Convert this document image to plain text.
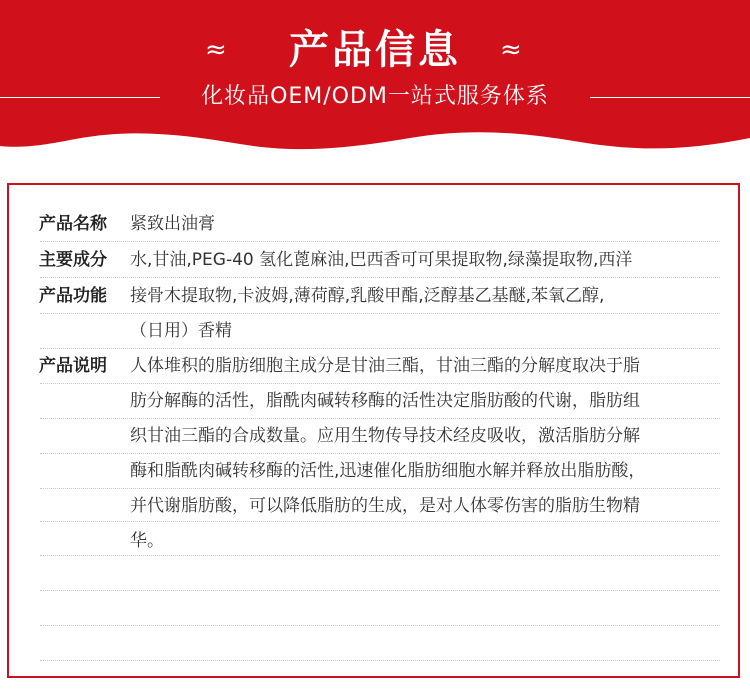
≈	产品信息	≈
化妆品OEM/ODM一站式服务体系
产品名称 紧致出油膏
主要成分 水,甘油,PEG-40 氢化蓖麻油,巴西香可可果提取物,绿藻提取物,西洋
产品功能 接骨木提取物,卡波姆,薄荷醇,乳酸甲酯,泛醇基乙基醚,苯氧乙醇,
（日用）香精
产品说明 人体堆积的脂肪细胞主成分是甘油三酯，甘油三酯的分解度取决于脂
肪分解酶的活性，脂酰肉碱转移酶的活性决定脂肪酸的代谢，脂肪组
织甘油三酯的合成数量。应用生物传导技术经皮吸收，激活脂肪分解
酶和脂酰肉碱转移酶的活性,迅速催化脂肪细胞水解并释放出脂肪酸，
并代谢脂肪酸，可以降低脂肪的生成，是对人体零伤害的脂肪生物精
华。
